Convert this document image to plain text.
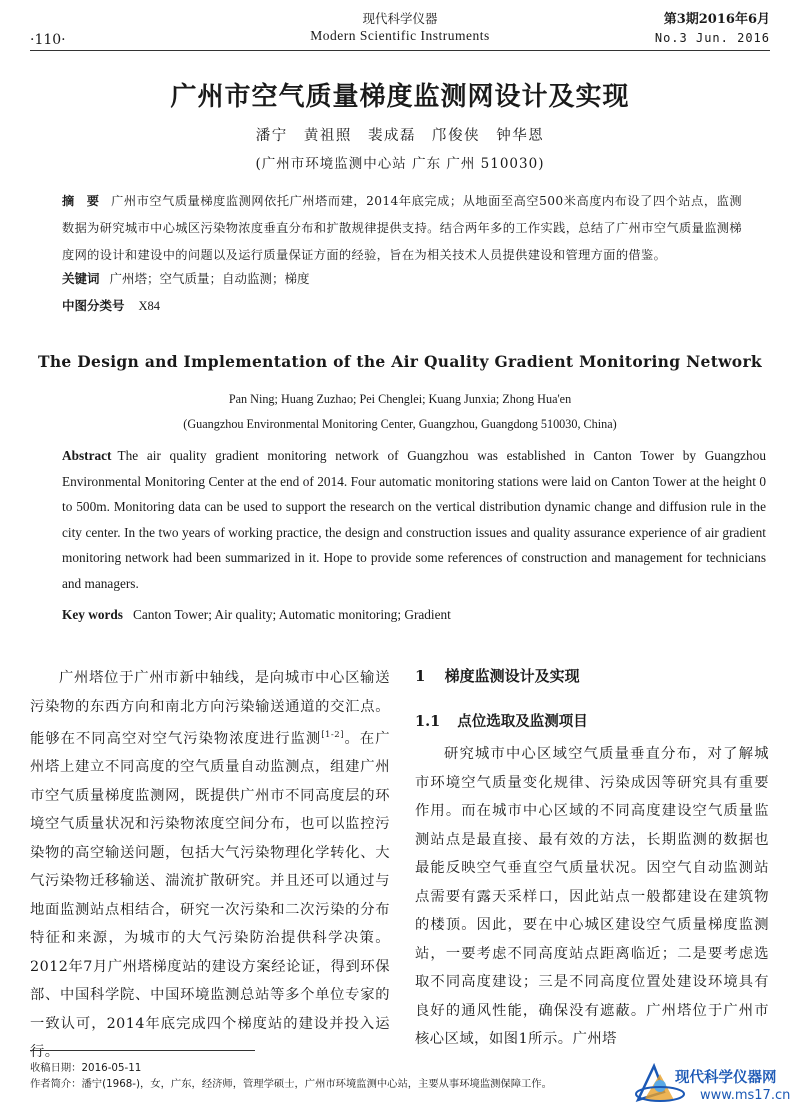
·110·
现代科学仪器
Modern Scientific Instruments
第3期2016年6月
No.3 Jun. 2016
广州市空气质量梯度监测网设计及实现
潘宁 黄祖照 裴成磊 邝俊侠 钟华恩
(广州市环境监测中心站 广东 广州 510030)
摘 要 广州市空气质量梯度监测网依托广州塔而建，2014年底完成；从地面至高空500米高度内布设了四个站点，监测数据为研究城市中心城区污染物浓度垂直分布和扩散规律提供支持。结合两年多的工作实践，总结了广州市空气质量监测梯度网的设计和建设中的问题以及运行质量保证方面的经验，旨在为相关技术人员提供建设和管理方面的借鉴。
关键词 广州塔；空气质量；自动监测；梯度
中图分类号 X84
The Design and Implementation of the Air Quality Gradient Monitoring Network
Pan Ning; Huang Zuzhao; Pei Chenglei; Kuang Junxia; Zhong Hua'en
(Guangzhou Environmental Monitoring Center, Guangzhou, Guangdong 510030, China)
Abstract The air quality gradient monitoring network of Guangzhou was established in Canton Tower by Guangzhou Environmental Monitoring Center at the end of 2014. Four automatic monitoring stations were laid on Canton Tower at the height 0 to 500m. Monitoring data can be used to support the research on the vertical distribution dynamic change and diffusion rule in the city center. In the two years of working practice, the design and construction issues and quality assurance experience of air gradient monitoring network had been summarized in it. Hope to provide some references of construction and management for technicians and managers.
Key words Canton Tower; Air quality; Automatic monitoring; Gradient
广州塔位于广州市新中轴线，是向城市中心区输送污染物的东西方向和南北方向污染输送通道的交汇点。能够在不同高空对空气污染物浓度进行监测[1-2]。在广州塔上建立不同高度的空气质量自动监测点，组建广州市空气质量梯度监测网，既提供广州市不同高度层的环境空气质量状况和污染物浓度空间分布，也可以监控污染物的高空输送问题，包括大气污染物理化学转化、大气污染物迁移输送、湍流扩散研究。并且还可以通过与地面监测站点相结合，研究一次污染和二次污染的分布特征和来源，为城市的大气污染防治提供科学决策。2012年7月广州塔梯度站的建设方案经论证，得到环保部、中国科学院、中国环境监测总站等多个单位专家的一致认可，2014年底完成四个梯度站的建设并投入运行。
1 梯度监测设计及实现
1.1 点位选取及监测项目
研究城市中心区域空气质量垂直分布，对了解城市环境空气质量变化规律、污染成因等研究具有重要作用。而在城市中心区域的不同高度建设空气质量监测站点是最直接、最有效的方法，长期监测的数据也最能反映空气垂直空气质量状况。因空气自动监测站点需要有露天采样口，因此站点一般都建设在建筑物的楼顶。因此，要在中心城区建设空气质量梯度监测站，一要考虑不同高度站点距离临近；二是要考虑选取不同高度建设；三是不同高度位置处建设环境具有良好的通风性能，确保没有遮蔽。广州塔位于广州市核心区域，如图1所示。广州塔
收稿日期：2016-05-11
作者简介：潘宁(1968-)，女，广东，经济师，管理学硕士，广州市环境监测中心站，主要从事环境监测保障工作。	现代科学仪器网
www.ms17.cn
